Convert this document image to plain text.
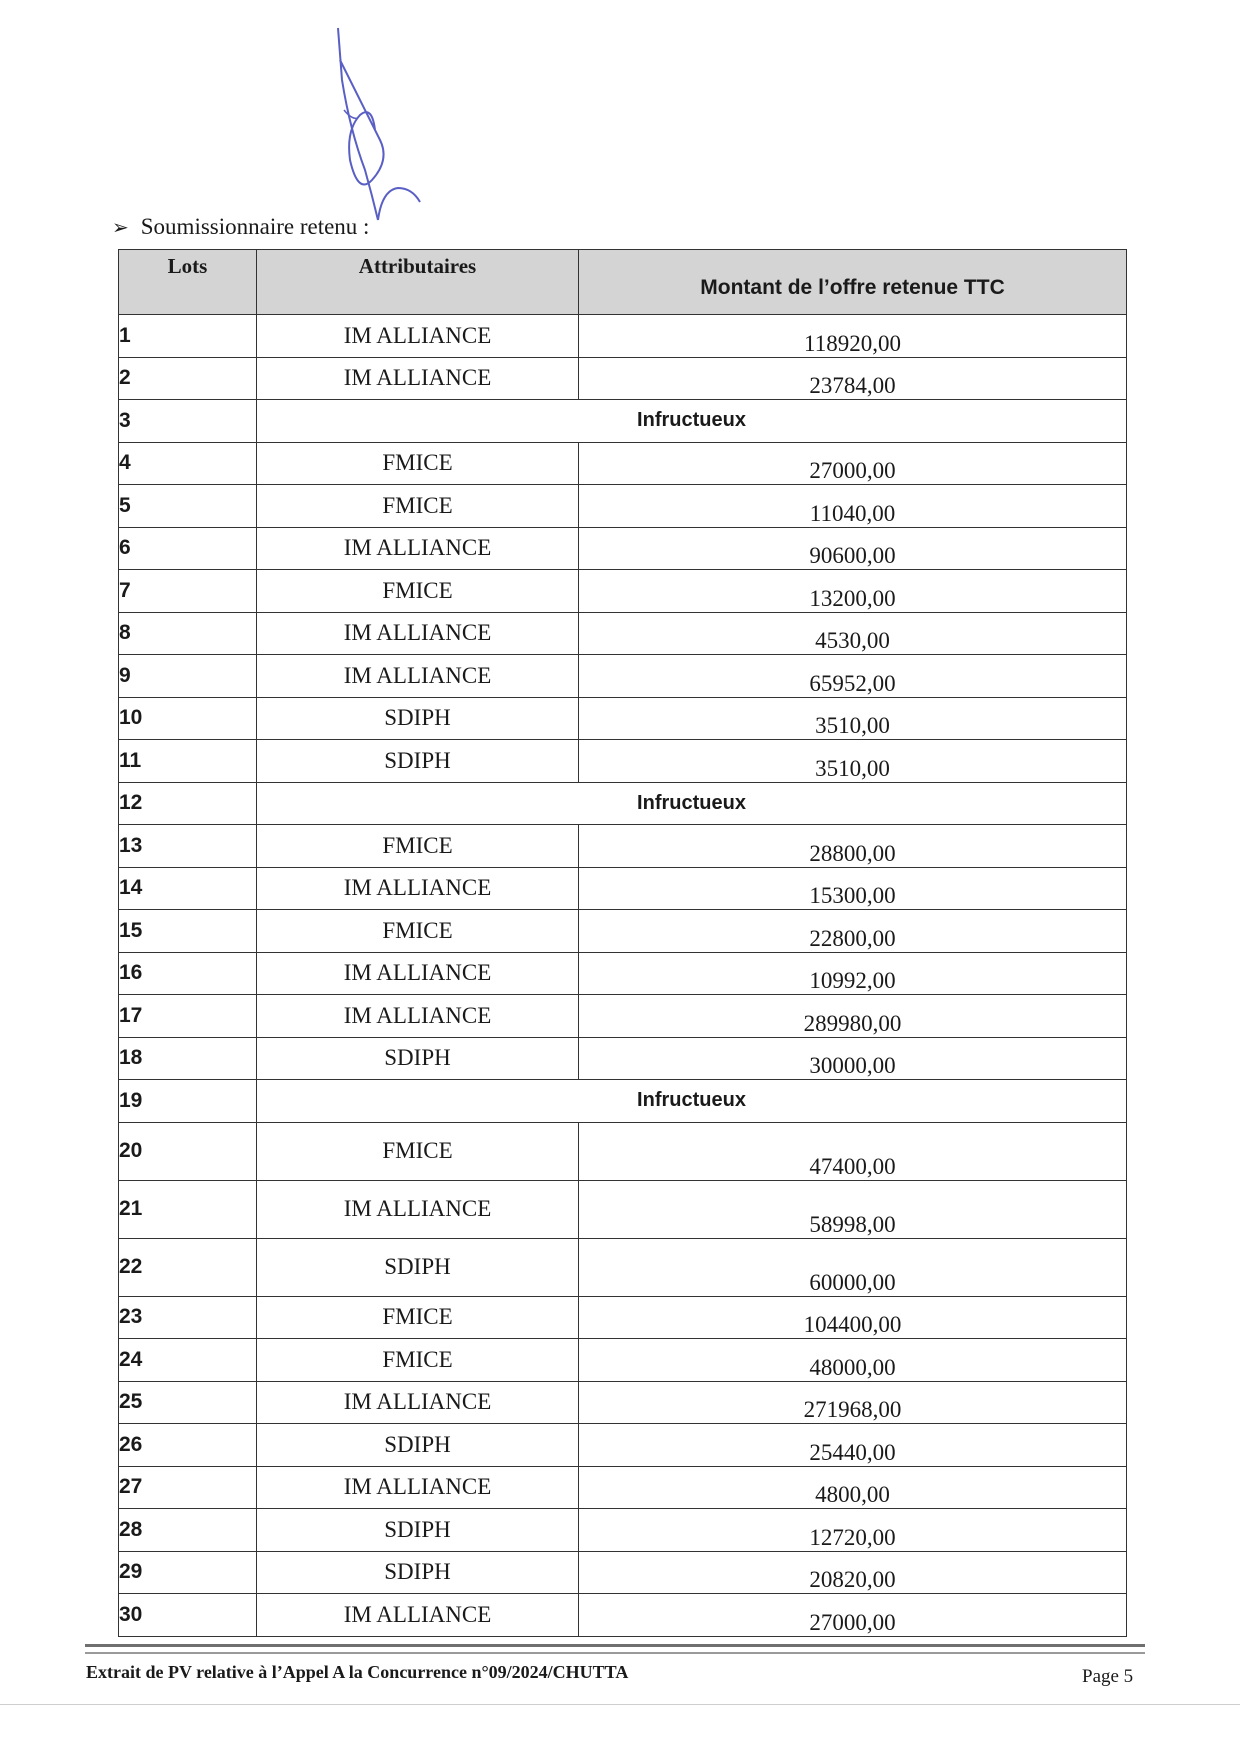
➢ Soumissionnaire retenu :
Lots	Attributaires	Montant de l’offre retenue TTC
1	IM ALLIANCE	118920,00
2	IM ALLIANCE	23784,00
3	Infructueux	
4	FMICE	27000,00
5	FMICE	11040,00
6	IM ALLIANCE	90600,00
7	FMICE	13200,00
8	IM ALLIANCE	4530,00
9	IM ALLIANCE	65952,00
10	SDIPH	3510,00
11	SDIPH	3510,00
12	Infructueux	
13	FMICE	28800,00
14	IM ALLIANCE	15300,00
15	FMICE	22800,00
16	IM ALLIANCE	10992,00
17	IM ALLIANCE	289980,00
18	SDIPH	30000,00
19	Infructueux	
20	FMICE	47400,00
21	IM ALLIANCE	58998,00
22	SDIPH	60000,00
23	FMICE	104400,00
24	FMICE	48000,00
25	IM ALLIANCE	271968,00
26	SDIPH	25440,00
27	IM ALLIANCE	4800,00
28	SDIPH	12720,00
29	SDIPH	20820,00
30	IM ALLIANCE	27000,00
Extrait de PV relative à l’Appel A la Concurrence n°09/2024/CHUTTA	Page 5
